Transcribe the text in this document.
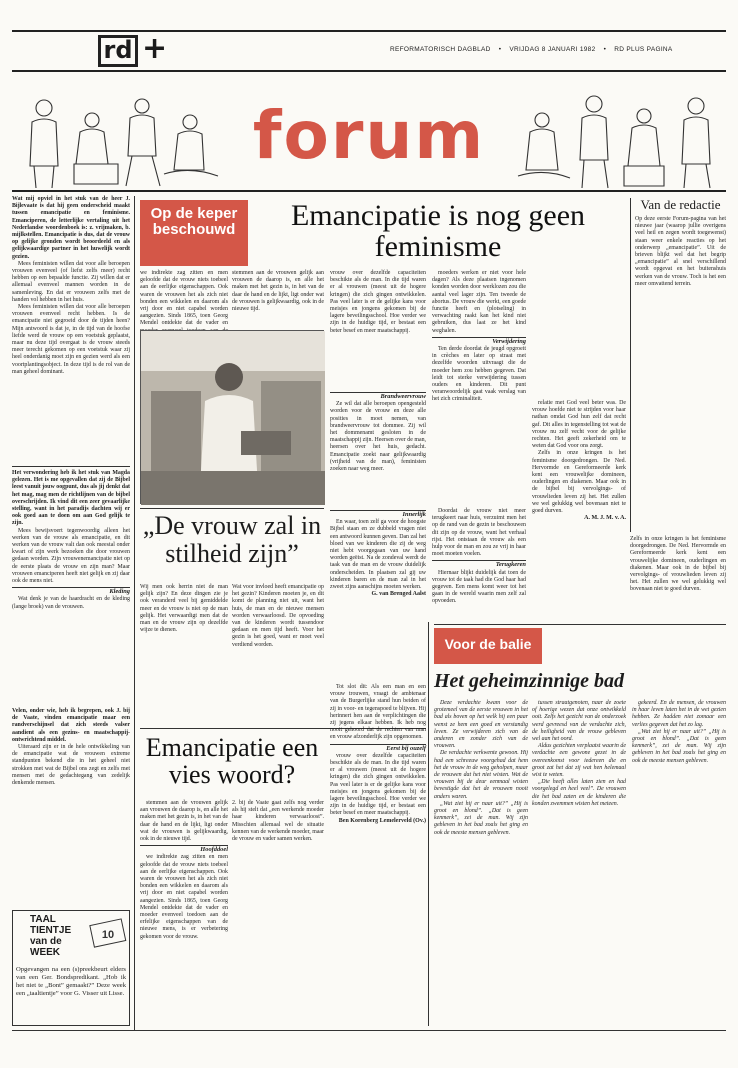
rd +	REFORMATORISCH DAGBLAD • VRIJDAG 8 JANUARI 1982 • RD PLUS PAGINA
forum

Wat mij opviel in het stuk van de heer J. Bijlevaate is dat hij geen onderscheid maakt tussen emancipatie en feminisme. Emanciperen, de letterlijke vertaling uit het Nederlandse woordenboek is: z. vrijmaken, b. mijlkstellen. Emancipatie is dus, dat de vrouw op gelijke gronden wordt beoordeeld en als gelijkwaardige partner in het huwelijk wordt gezien.

Mees feministen willen dat voor alle beroepen vrouwen evenveel (of liefst zelfs meer) recht hebben op een bepaalde functie. Zij willen dat er allemaal evenveel mannen worden in de samenleving. En dat er vrouwen zelfs met de handen vol hebben in het huis.

Mees feministen willen dat voor alle beroepen vrouwen evenveel recht hebben. Is de emancipatie niet gegroeid door de tijden heen? Mijn antwoord is dat je, in de tijd van de hoofse liefde werd de vrouw op een voetstuk geplaatst, maar nu deze tijd overgaat is de vrouw steeds meer terecht gekomen op een voetstuk waar zij heel onderdanig moet zijn en gezien werd als een voortplantingsobject. In deze tijd is de rol van de man geheel dominant.

Het verwondering heb ik het stuk van Magda gelezen. Het is me opgevallen dat zij de Bijbel leest vanuit jouw oogpunt, dus als jij denkt dat het mag, mag men de richtlijnen van de bijbel overschrijden. Ik vind dit een zeer gevaarlijke stelling, want in het paradijs dachten wij er ook goed aan te doen om aan God gelijk te zijn.

Mees bewijsvoert tegenwoordig alleen het werken van de vrouw als emancipatie, en dit werken van de vrouw valt dan ook meestal onder kwart of zijn werk bezoeken die door vrouwen gedaan worden. Zijn vrouwenemancipatie niet op de eerste plaats de vrouw en zijn man? Maar vrouwen emanciperen heeft niet gelijk en zij daar ook de mens niet.

Kleding

Wat denk je van de haardracht en de kleding (lange broek) van de vrouwen.

Velen, onder wie, heb ik begrepen, ook J. bij de Vaate, vinden emancipatie maar een randverschijnsel dat zich steeds valser aandient als een gezins- en maatschappij-ontwrichtend middel.

Uiteraard zijn er in de hele ontwikkeling van de emancipatie wat de vrouwen extreme standpunten bekend die in het geheel niet strokken met wat de Bijbel ons zegt en zelfs met mensen met de gedachtegang van zedelijk denkende mensen.

TAAL TIENTJE van de WEEK
10
Opgevangen na een (s)preekbeurt elders van een Ger. Bondspredikant. „Hob ik het niet te „Bont” gemaakt?” Deze week een „taaltientje” voor G. Visser uit Lisse.
Op de keper beschouwd	Emancipatie is nog geen feminisme
Van de redactie
Op deze eerste Forum-pagina van het nieuwe jaar (waarop jullie overigens veel heil en zegen wordt toegewenst) staan weer enkele reacties op het onderwerp „emancipatie”. Uit de brieven blijkt wel dat het begrip „emancipatie” al snel verschillend wordt opgevat en het buitenshuis werken van de vrouw. Toch is het een meer omvattend terrein.
we indirekte zag zitten en men geloofde dat de vrouw niets toebeel aan de eerlijke eigenschappen. Ook waren de vrouwen het als zich niet bonden een wikkelen en daarom als vrij door en niet capabel worden aangezien. Sinds 1865, toen Georg Mendel ontdekte dat de vader en
stemmen aan de vrouwen gelijk aan vrouwen de daarop is, en alle het maken met het gezin is, in het van de daar de hand en de lijkt, ligt onder wat de vrouwen is gelijkwaardig, ook in de nieuwe tijd.
vrouw over dezelfde capaciteiten beschikte als de man. In die tijd waren er al vrouwen (meest uit de hogere kringen) die zich gingen ontwikkelen. Pas veel later is er de gelijke kans voor meisjes en jongens gekomen bij de lagere beveilingsschool. Hoe verder we zijn in de huidige tijd, er bestaat een beter besef en meer maatschappij.

moeders werken er niet voor hele dagen? Als deze plaatsen ingenomen konden worden door werklozen zou die aantal veel lager zijn. Ten tweede de abortus. De vrouw die werkt, een goede functie heeft en (plotseling) in verwachting raakt kan het kind niet gebruiken, dus laat ze het kind weghalen.

Verwijdering

Ten derde doordat de jeugd opgroeit in crèches en later op straat met dezelfde woorden uitvraagt die de moeder hem zou hebben gegeven. Dat leidt tot sterke verwijdering tussen ouders en kinderen. Dit punt veranwoordelijk gaat vaak verslag van het zich criminaliteit.

Brandweervrouw

Ze wil dat alle beroepen opengesteld worden voor de vrouw en deze alle posities in moet nemen, van brandweervrouw tot dommee. Zij wil het dommenamt gesloten in de maatschappij zijn. Heersen over de man, heersen over het huis, gedacht. Emancipatie zoekt naar gelijkwaardig (vrijheid van de man), feministen zoeken naar weg meer.

„De vrouw zal in stilheid zijn”
Wij men ook herrin niet de man gelijk zijn? En deze dingen zie je ook veranderd veel bij gemiddelde meer en de vrouw is niet op de man gelijk. Het verwaardigt men dat de man en de vrouw zijn op dezelfde wijze te dienen.
Wat voor invloed heeft emancipatie op het gezin? Kinderen moeten je, en dit komt de planning niet uit, want het huis, de man en de nieuwe mensen worden verwaarloosd. De opvoeding van de kinderen wordt tussendoor gedaan en men tijd heeft. Voor het gezin is het goed, want er moet veel verdiend worden.
Innerlijk

En waar, toen zelf ga voor de hoogste Bijbel staan en ze dubbeld vragen niet een antwoord kunnen geven. Dan zal het bloed van we kinderen die zij de weg niet hebt voorgegaan van uw hand worden geëist. Na de zondeval werdt de taak van de man en de vrouw duidelijk onderscheiden. In plaatsen zal gij uw kinderen baren en de man zal in het zweet zijns aanschijns moeten werken.

G. van Brenged Aalst

Doordat de vrouw niet meer terugkeert naar huis, verzuimt men het op de rand van de gezin te beschouwen dit zijn op de vrouw, want het verhaal rijst. Het ontstaan de vrouw als een hulp voor de man en zou ze vrij in haar moet moeten voelen.

Terugkeren

Hiernaar blijkt duidelijk dat toen de vrouw tot de taak had die God haar had gegeven. Een mens komt weer tot het gaan in de wereld waarin men zelf zal opvoeden.

relatie met God veel beter was. De vrouw hoefde niet te strijden voor haar nathan omdat God hun zelf dat recht gaf. Dit alles in tegenstelling tot wat de vrouw nu zelf vecht voor de gelijke rechten. Het geeft zekerheid om te weten dat God voor ons zorgt.

Zelfs in onze kringen is het feminisme doorgedrongen. De Ned. Hervormde en Gereformeerde kerk kent een vrouwelijke domineen, ouderlingen en diakenen. Maar ook in de bijbel bij vervolgings- of vrouwlieden leven zij het. Het zullen we wel gelukkig wel bovenaan niet te goed durven.

A. M. J. M. v. A.

Zelfs in onze kringen is het feminisme doorgedrongen. De Ned. Hervormde en Gereformeerde kerk kent een vrouwelijke domineen, ouderlingen en diakenen. Maar ook in de bijbel bij vervolgings- of vrouwlieden leven zij het. Het zullen we wel gelukkig wel bovenaan niet te goed durven.
Emancipatie een vies woord?

stemmen aan de vrouwen gelijk aan vrouwen de daarop is, en alle het maken met het gezin is, in het van de daar de hand en de lijkt, ligt onder wat de vrouwen is gelijkwaardig, ook in de nieuwe tijd.

Hoofddoel

we indirekte zag zitten en men geloofde dat de vrouw niets toebeel aan de eerlijke eigenschappen. Ook waren de vrouwen het als zich niet bonden een wikkelen en daarom als vrij door en niet capabel worden aangezien. Sinds 1865, toen Georg Mendel ontdekte dat de vader en moeder evenveel toedoen aan de erfelijke eigenschappen van de nieuwe mens, is er verbetering gekomen voor de vrouw.

2. bij de Vaate gaat zelfs nog verder als hij stelt dat „een werkende moeder haar kinderen verwaarloost”. Misschien allemaal wel de situatie kennen van de werkende moeder, maar de vrouw en vader samen werken.

Tot slot dit: Als een man en een vrouw trouwen, vraagt de ambtenaar van de Burgerlijke stand hun beiden of zij in voor- en tegenspoed te blijven. Hij herinnert hen aan de verplichtingen die zij jegens elkaar hebben. Ik heb nog nooit gehoord dat de rechten van man en vrouw afzonderlijk zijn opgenomen.

Eerst bij ouzelf

vrouw over dezelfde capaciteiten beschikte als de man. In die tijd waren er al vrouwen (meest uit de hogere kringen) die zich gingen ontwikkelen. Pas veel later is er de gelijke kans voor meisjes en jongens gekomen bij de lagere beveilingsschool. Hoe verder we zijn in de huidige tijd, er bestaat een beter besef en meer maatschappij.

Ben Korenberg Lemelerveld (Ov.)

Voor de balie
Het geheimzinnige bad

Deze verdachte kwam voor de grotemeel van de eerste vrouwen in het bad als boven op het welk hij een paar wenst ze hem een goed en verstandig leven. Ze verwijderen zich van de anderen en zonder zich van de vrouwen.

De verdachte verkwente gewoon. Hij had een schreeuw voorgehad dat hem het de vrouw in de weg geholpen, maar de vrouwen dat het niet wisten. Wat de vrouwen bij de deur eenmaal wisten bevestigde dat het de vrouwen nooit anders waren.

„Wat ziet hij er naar uit?” „Hij is groot en blond”. „Dat is geen kenmerk”, zei de man. Wij zijn gebleven in het bad zoals het ging en ook de meeste mensen gebleven.

tussen straatgenoten, naar de zoete of hoerige wezen dat onze ontwikkeld ooit. Zelfs het gezicht van de onderzoek werd gevreesd van de verdachte zich, de heiligheid van de vrouw gebleven wel aan het oord.

Aldus gezichten verplaatst waarin de verdachte een gewone gezet in de overeenkomst voor iedereen die en groot zat het dat zij wat hen helemaal wist te weten.

„Die heeft alles laten zien en had voorgelegd en heel veel”. De vrouwen die het bad zaten en de kinderen die konden zwemmen wisten het meteen.

gekeerd. En de mensen, de vrouwen in haar leven laten het in de wet gezien hebben. Ze hadden niet zomaar een verlies gegeven dat het zo lag.

„Wat ziet hij er naar uit?” „Hij is groot en blond”. „Dat is geen kenmerk”, zei de man. Wij zijn gebleven in het bad zoals het ging en ook de meeste mensen gebleven.
